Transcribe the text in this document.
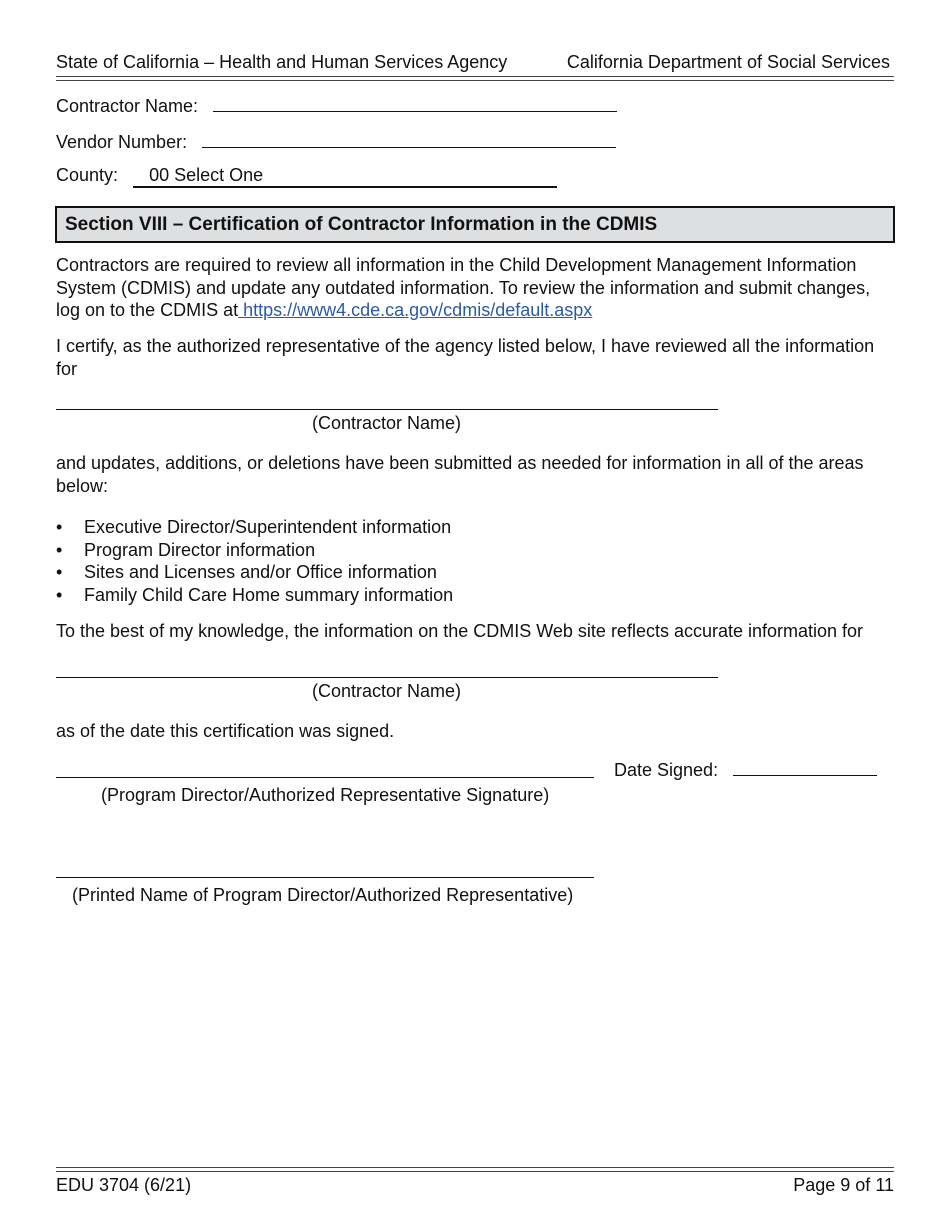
State of California – Health and Human Services Agency	California Department of Social Services
Contractor Name:
Vendor Number:
County: 00 Select One
Section VIII – Certification of Contractor Information in the CDMIS
Contractors are required to review all information in the Child Development Management Information System (CDMIS) and update any outdated information. To review the information and submit changes, log on to the CDMIS at https://www4.cde.ca.gov/cdmis/default.aspx
I certify, as the authorized representative of the agency listed below, I have reviewed all the information for
(Contractor Name)
and updates, additions, or deletions have been submitted as needed for information in all of the areas below:
• Executive Director/Superintendent information
• Program Director information
• Sites and Licenses and/or Office information
• Family Child Care Home summary information
To the best of my knowledge, the information on the CDMIS Web site reflects accurate information for
(Contractor Name)
as of the date this certification was signed.
Date Signed:
(Program Director/Authorized Representative Signature)
(Printed Name of Program Director/Authorized Representative)
EDU 3704 (6/21)	Page 9 of 11
